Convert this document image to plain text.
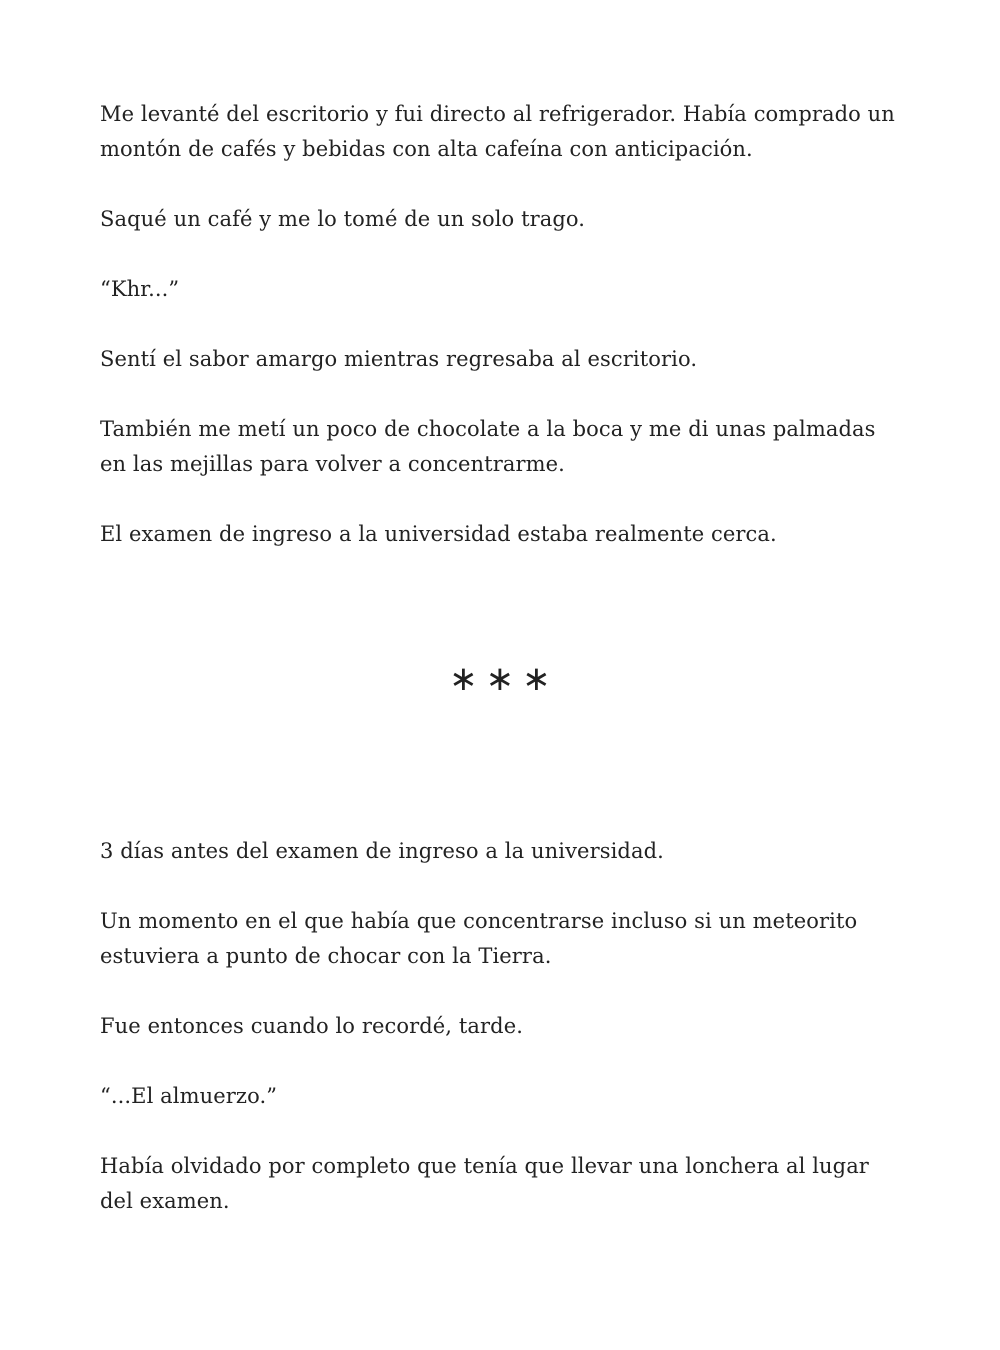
Me levanté del escritorio y fui directo al refrigerador. Había comprado un montón de cafés y bebidas con alta cafeína con anticipación.

Saqué un café y me lo tomé de un solo trago.

“Khr...”

Sentí el sabor amargo mientras regresaba al escritorio.

También me metí un poco de chocolate a la boca y me di unas palmadas en las mejillas para volver a concentrarme.

El examen de ingreso a la universidad estaba realmente cerca.

∗∗∗

3 días antes del examen de ingreso a la universidad.

Un momento en el que había que concentrarse incluso si un meteorito estuviera a punto de chocar con la Tierra.

Fue entonces cuando lo recordé, tarde.

“...El almuerzo.”

Había olvidado por completo que tenía que llevar una lonchera al lugar del examen.
